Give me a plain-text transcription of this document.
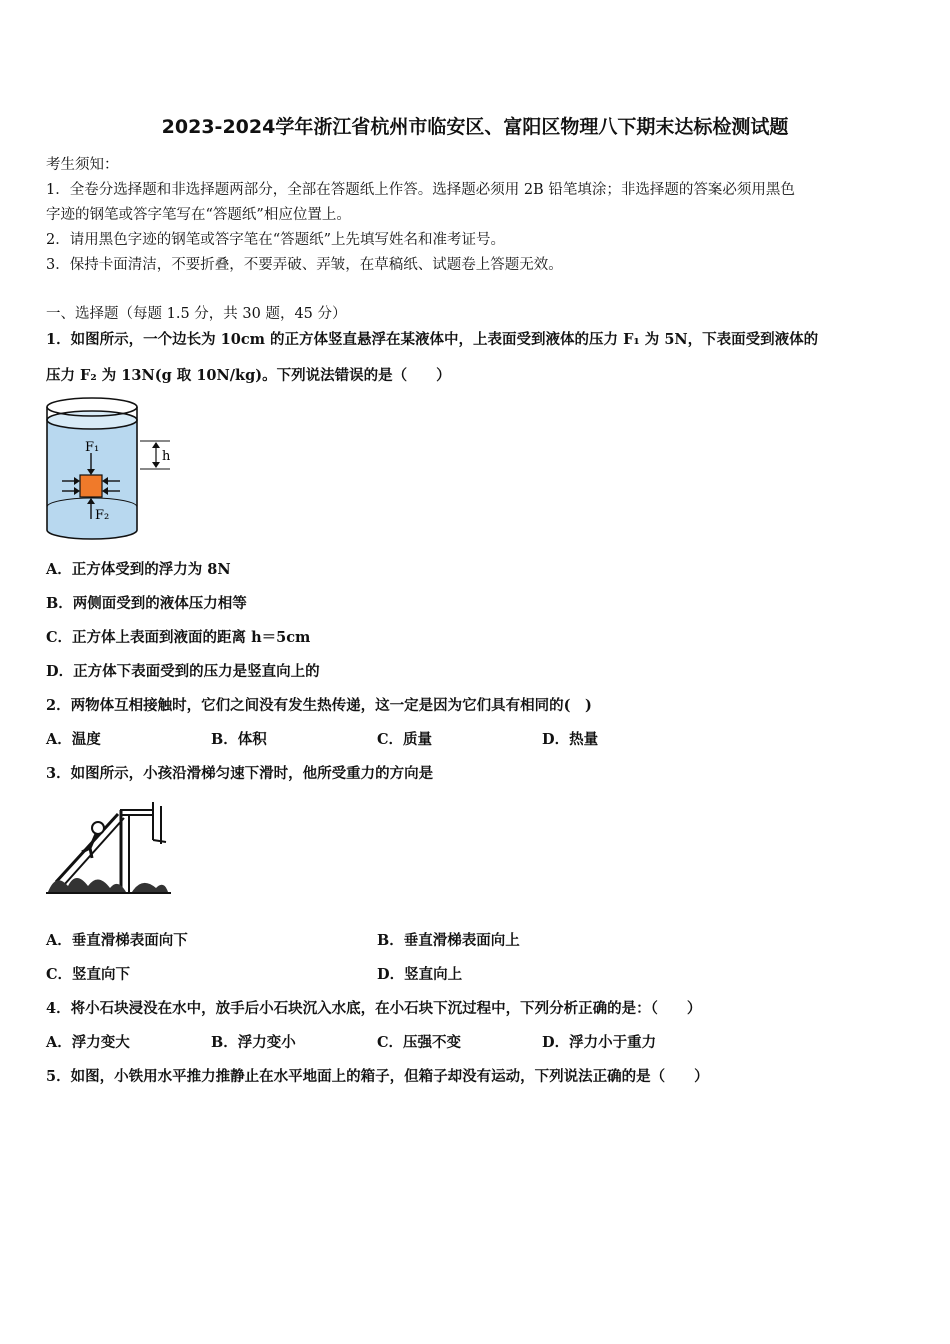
2023-2024学年浙江省杭州市临安区、富阳区物理八下期末达标检测试题
考生须知：
1．全卷分选择题和非选择题两部分，全部在答题纸上作答。选择题必须用 2B 铅笔填涂；非选择题的答案必须用黑色
字迹的钢笔或答字笔写在“答题纸”相应位置上。
2．请用黑色字迹的钢笔或答字笔在“答题纸”上先填写姓名和准考证号。
3．保持卡面清洁，不要折叠，不要弄破、弄皱，在草稿纸、试题卷上答题无效。
一、选择题（每题 1.5 分，共 30 题，45 分）
1．如图所示，一个边长为 10cm 的正方体竖直悬浮在某液体中，上表面受到液体的压力 F₁ 为 5N，下表面受到液体的
压力 F₂ 为 13N(g 取 10N/kg)。下列说法错误的是（　　）
h
F₁
F₂
A．正方体受到的浮力为 8N
B．两侧面受到的液体压力相等
C．正方体上表面到液面的距离 h＝5cm
D．正方体下表面受到的压力是竖直向上的
2．两物体互相接触时，它们之间没有发生热传递，这一定是因为它们具有相同的(　)
A．温度	B．体积	C．质量	D．热量
3．如图所示，小孩沿滑梯匀速下滑时，他所受重力的方向是
A．垂直滑梯表面向下	B．垂直滑梯表面向上
C．竖直向下	D．竖直向上
4．将小石块浸没在水中，放手后小石块沉入水底，在小石块下沉过程中，下列分析正确的是：（　　）
A．浮力变大	B．浮力变小	C．压强不变	D．浮力小于重力
5．如图，小铁用水平推力推静止在水平地面上的箱子，但箱子却没有运动，下列说法正确的是（　　）
